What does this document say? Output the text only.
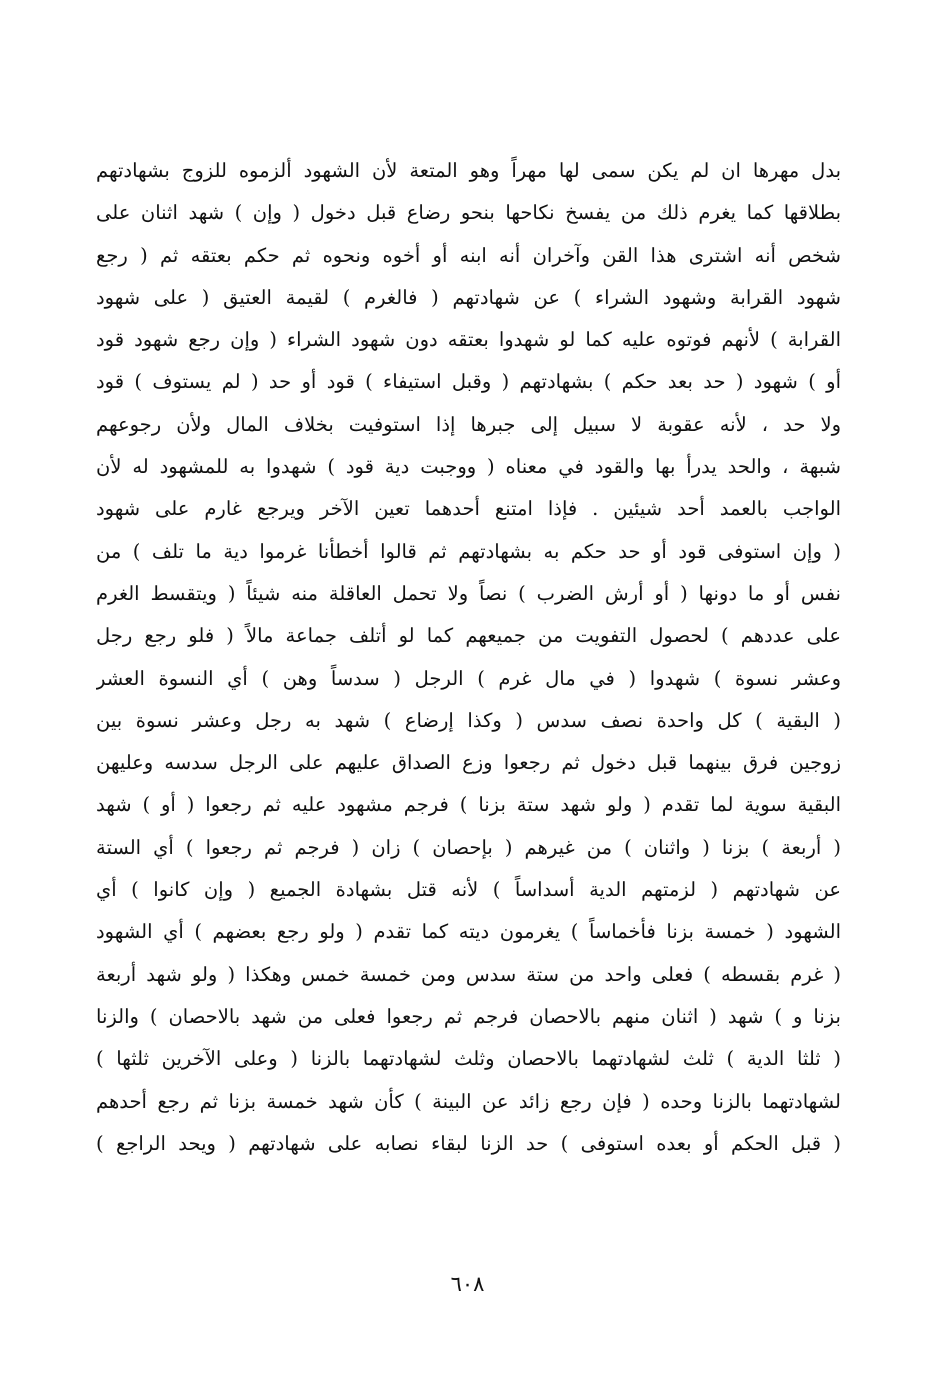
بدل مهرها ان لم يكن سمى لها مهراً وهو المتعة لأن الشهود ألزموه للزوج بشهادتهم
بطلاقها كما يغرم ذلك من يفسخ نكاحها بنحو رضاع قبل دخول ( وإن ) شهد اثنان على
شخص أنه اشترى هذا القن وآخران أنه ابنه أو أخوه ونحوه ثم حكم بعتقه ثم ( رجع
شهود القرابة وشهود الشراء ) عن شهادتهم ( فالغرم ) لقيمة العتيق ( على شهود
القرابة ) لأنهم فوتوه عليه كما لو شهدوا بعتقه دون شهود الشراء ( وإن رجع شهود قود
أو ) شهود ( حد بعد حكم ) بشهادتهم ( وقبل استيفاء ) قود أو حد ( لم يستوف ) قود
ولا حد ، لأنه عقوبة لا سبيل إلى جبرها إذا استوفيت بخلاف المال ولأن رجوعهم
شبهة ، والحد يدرأ بها والقود في معناه ( ووجبت دية قود ) شهدوا به للمشهود له لأن
الواجب بالعمد أحد شيئين . فإذا امتنع أحدهما تعين الآخر ويرجع غارم على شهود
( وإن استوفى قود أو حد حكم به بشهادتهم ثم قالوا أخطأنا غرموا دية ما تلف ) من
نفس أو ما دونها ( أو أرش الضرب ) نصاً ولا تحمل العاقلة منه شيئاً ( ويتقسط الغرم
على عددهم ) لحصول التفويت من جميعهم كما لو أتلف جماعة مالاً ( فلو رجع رجل
وعشر نسوة ) شهدوا ( في مال غرم ) الرجل ( سدساً وهن ) أي النسوة العشر
( البقية ) كل واحدة نصف سدس ( وكذا إرضاع ) شهد به رجل وعشر نسوة بين
زوجين فرق بينهما قبل دخول ثم رجعوا وزع الصداق عليهم على الرجل سدسه وعليهن
البقية سوية لما تقدم ( ولو شهد ستة بزنا ) فرجم مشهود عليه ثم رجعوا ( أو ) شهد
( أربعة ) بزنا ( واثنان ) من غيرهم ( بإحصان ) زان ( فرجم ثم رجعوا ) أي الستة
عن شهادتهم ( لزمتهم الدية أسداساً ) لأنه قتل بشهادة الجميع ( وإن كانوا ) أي
الشهود ( خمسة بزنا فأخماساً ) يغرمون ديته كما تقدم ( ولو رجع بعضهم ) أي الشهود
( غرم بقسطه ) فعلى واحد من ستة سدس ومن خمسة خمس وهكذا ( ولو شهد أربعة
بزنا و ) شهد ( اثنان منهم بالاحصان فرجم ثم رجعوا فعلى من شهد بالاحصان ) والزنا
( ثلثا الدية ) ثلث لشهادتهما بالاحصان وثلث لشهادتهما بالزنا ( وعلى الآخرين ثلثها )
لشهادتهما بالزنا وحده ( فإن رجع زائد عن البينة ) كأن شهد خمسة بزنا ثم رجع أحدهم
( قبل الحكم أو بعده استوفى ) حد الزنا لبقاء نصابه على شهادتهم ( ويحد الراجع )
٦٠٨
